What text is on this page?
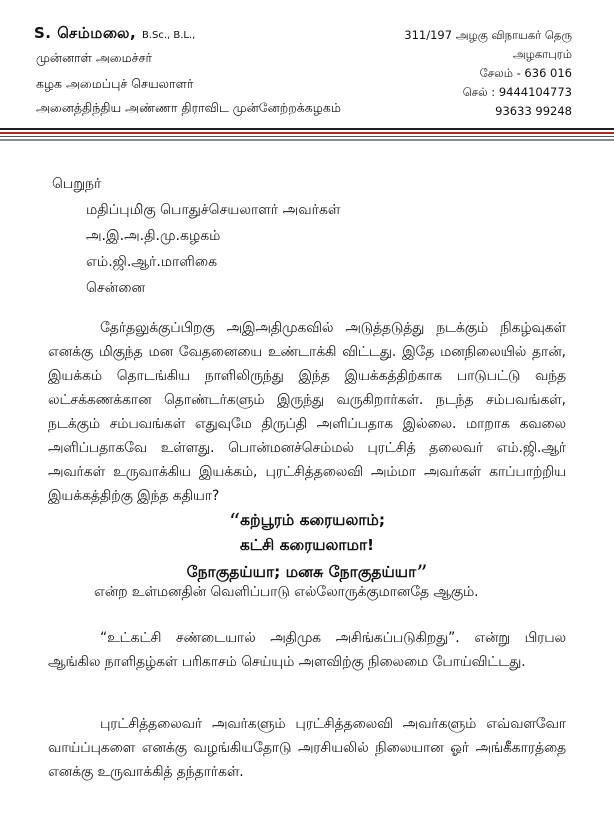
S. செம்மலை, B.Sc., B.L.,
முன்னாள் அமைச்சர்
கழக அமைப்புச் செயலாளர்
அனைத்திந்திய அண்ணா திராவிட முன்னேற்றக்கழகம்
311/197 அழகு விநாயகர் தெரு
அழகாபுரம்
சேலம் - 636 016
செல் : 9444104773
93633 99248
பெறுநர்
மதிப்புமிகு பொதுச்செயலாளர் அவர்கள்
அ.இ.அ.தி.மு.கழகம்
எம்.ஜி.ஆர்.மாளிகை
சென்னை
தேர்தலுக்குப்பிறகு அஇஅதிமுகவில் அடுத்தடுத்து நடக்கும் நிகழ்வுகள் எனக்கு மிகுந்த மன வேதனையை உண்டாக்கி விட்டது. இதே மனநிலையில் தான், இயக்கம் தொடங்கிய நாளிலிருந்து இந்த இயக்கத்திற்காக பாடுபட்டு வந்த லட்சக்கணக்கான தொண்டர்களும் இருந்து வருகிறார்கள். நடந்த சம்பவங்கள், நடக்கும் சம்பவங்கள் எதுவுமே திருப்தி அளிப்பதாக இல்லை. மாறாக கவலை அளிப்பதாகவே உள்ளது. பொன்மனச்செம்மல் புரட்சித் தலைவர் எம்.ஜி.ஆர் அவர்கள் உருவாக்கிய இயக்கம், புரட்சித்தலைவி அம்மா அவர்கள் காப்பாற்றிய இயக்கத்திற்கு இந்த கதியா?
“கற்பூரம் கரையலாம்;
கட்சி கரையலாமா!
நோகுதய்யா; மனசு நோகுதய்யா”
என்ற உள்மனதின் வெளிப்பாடு எல்லோருக்குமானதே ஆகும்.
“உட்கட்சி சண்டையால் அதிமுக அசிங்கப்படுகிறது”. என்று பிரபல ஆங்கில நாளிதழ்கள் பரிகாசம் செய்யும் அளவிற்கு நிலைமை போய்விட்டது.
புரட்சித்தலைவர் அவர்களும் புரட்சித்தலைவி அவர்களும் எவ்வளவோ வாய்ப்புகளை எனக்கு வழங்கியதோடு அரசியலில் நிலையான ஓர் அங்கீகாரத்தை எனக்கு உருவாக்கித் தந்தார்கள்.
